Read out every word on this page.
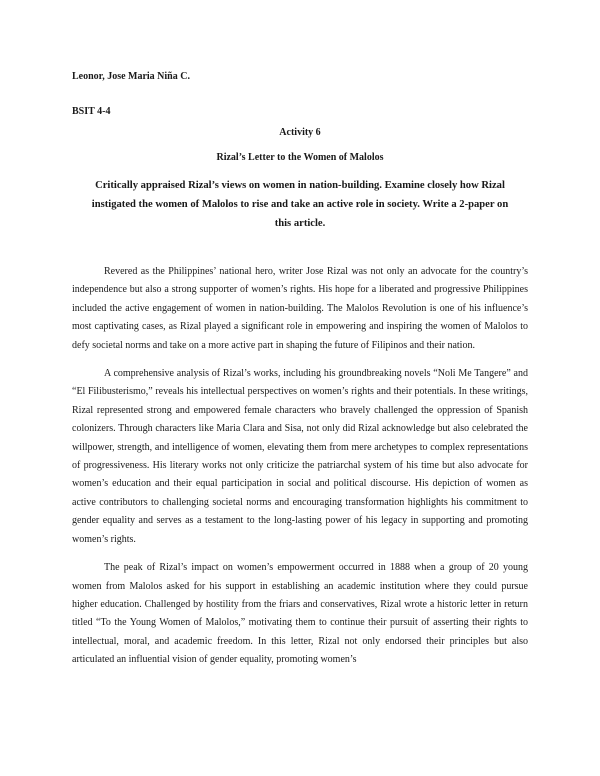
Leonor, Jose Maria Niña C.
BSIT 4-4
Activity 6
Rizal’s Letter to the Women of Malolos
Critically appraised Rizal’s views on women in nation-building. Examine closely how Rizal instigated the women of Malolos to rise and take an active role in society. Write a 2-paper on this article.

Revered as the Philippines’ national hero, writer Jose Rizal was not only an advocate for the country’s independence but also a strong supporter of women’s rights. His hope for a liberated and progressive Philippines included the active engagement of women in nation-building. The Malolos Revolution is one of his influence’s most captivating cases, as Rizal played a significant role in empowering and inspiring the women of Malolos to defy societal norms and take on a more active part in shaping the future of Filipinos and their nation.

A comprehensive analysis of Rizal’s works, including his groundbreaking novels “Noli Me Tangere” and “El Filibusterismo,” reveals his intellectual perspectives on women’s rights and their potentials. In these writings, Rizal represented strong and empowered female characters who bravely challenged the oppression of Spanish colonizers. Through characters like Maria Clara and Sisa, not only did Rizal acknowledge but also celebrated the willpower, strength, and intelligence of women, elevating them from mere archetypes to complex representations of progressiveness. His literary works not only criticize the patriarchal system of his time but also advocate for women’s education and their equal participation in social and political discourse. His depiction of women as active contributors to challenging societal norms and encouraging transformation highlights his commitment to gender equality and serves as a testament to the long-lasting power of his legacy in supporting and promoting women’s rights.

The peak of Rizal’s impact on women’s empowerment occurred in 1888 when a group of 20 young women from Malolos asked for his support in establishing an academic institution where they could pursue higher education. Challenged by hostility from the friars and conservatives, Rizal wrote a historic letter in return titled “To the Young Women of Malolos,” motivating them to continue their pursuit of asserting their rights to intellectual, moral, and academic freedom. In this letter, Rizal not only endorsed their principles but also articulated an influential vision of gender equality, promoting women’s
